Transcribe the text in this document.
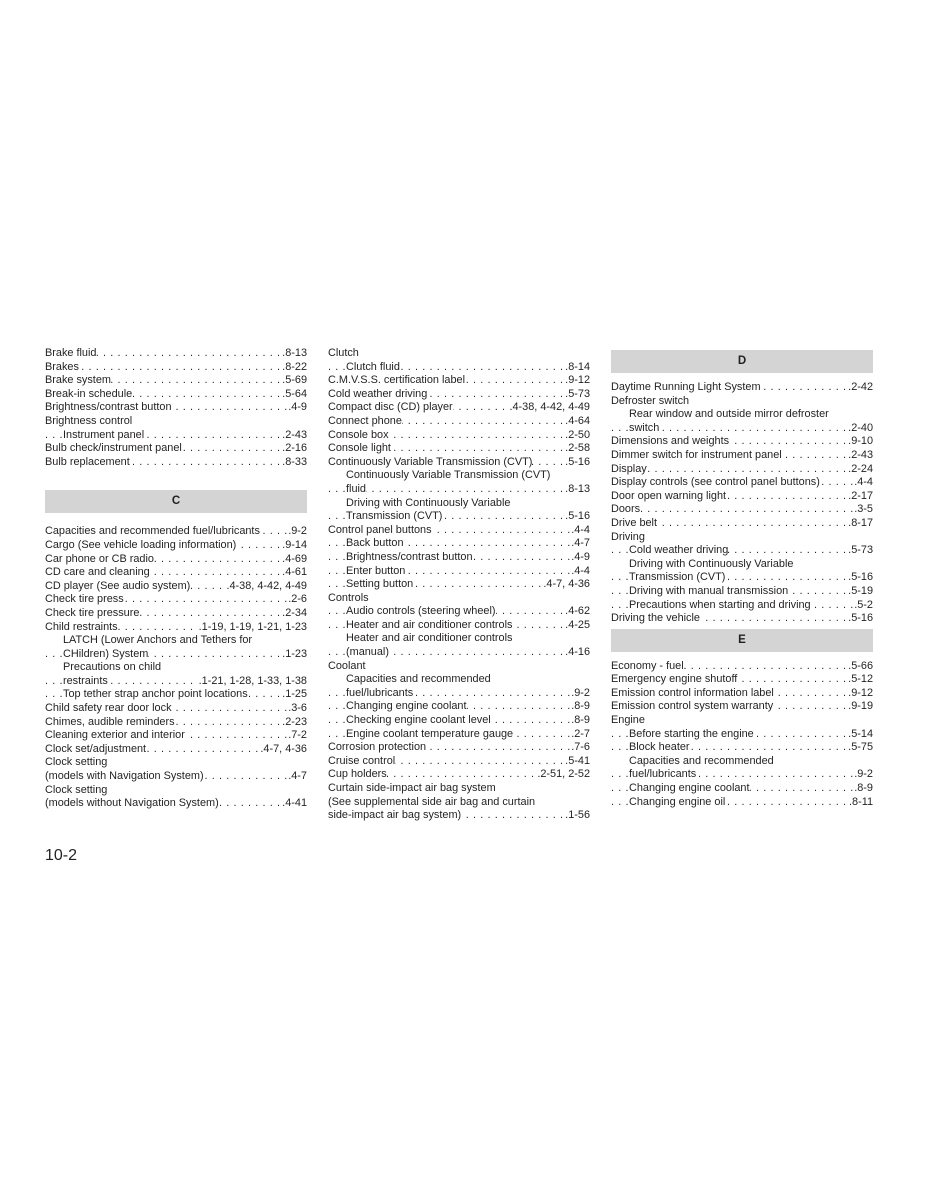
Brake fluid	.8-13
. . .
Brakes	.8-22
. . .
Brake system	.5-69
. . .
Break-in schedule	.5-64
. . .
Brightness/contrast button	.4-9
. . .
Brightness control
Instrument panel	.2-43
. . .
Bulb check/instrument panel	.2-16
. . .
Bulb replacement	.8-33
. . .
C
Capacities and recommended fuel/lubricants	.9-2
. . .
Cargo (See vehicle loading information)	.9-14
. . .
Car phone or CB radio	.4-69
. . .
CD care and cleaning	.4-61
. . .
CD player (See audio system)	.4-38, 4-42, 4-49
. . .
Check tire press	.2-6
. . .
Check tire pressure	.2-34
. . .
Child restraints	.1-19, 1-19, 1-21, 1-23
. . .
LATCH (Lower Anchors and Tethers for
CHildren) System	.1-23
. . .
Precautions on child
restraints	.1-21, 1-28, 1-33, 1-38
. . .
Top tether strap anchor point locations	.1-25
. . .
Child safety rear door lock	.3-6
. . .
Chimes, audible reminders	.2-23
. . .
Cleaning exterior and interior	.7-2
. . .
Clock set/adjustment	.4-7, 4-36
. . .
Clock setting
(models with Navigation System)	.4-7
. . .
Clock setting
(models without Navigation System)	.4-41
. . .
Clutch
Clutch fluid	.8-14
. . .
C.M.V.S.S. certification label	.9-12
. . .
Cold weather driving	.5-73
. . .
Compact disc (CD) player	.4-38, 4-42, 4-49
. . .
Connect phone	.4-64
. . .
Console box	.2-50
. . .
Console light	.2-58
. . .
Continuously Variable Transmission (CVT)	.5-16
. . .
Continuously Variable Transmission (CVT)
fluid	.8-13
. . .
Driving with Continuously Variable
Transmission (CVT)	.5-16
. . .
Control panel buttons	.4-4
. . .
Back button	.4-7
. . .
Brightness/contrast button	.4-9
. . .
Enter button	.4-4
. . .
Setting button	.4-7, 4-36
. . .
Controls
Audio controls (steering wheel)	.4-62
. . .
Heater and air conditioner controls	.4-25
. . .
Heater and air conditioner controls
(manual)	.4-16
. . .
Coolant
Capacities and recommended
fuel/lubricants	.9-2
. . .
Changing engine coolant	.8-9
. . .
Checking engine coolant level	.8-9
. . .
Engine coolant temperature gauge	.2-7
. . .
Corrosion protection	.7-6
. . .
Cruise control	.5-41
. . .
Cup holders	.2-51, 2-52
. . .
Curtain side-impact air bag system
(See supplemental side air bag and curtain
side-impact air bag system)	.1-56
. . .
D
Daytime Running Light System	.2-42
. . .
Defroster switch
Rear window and outside mirror defroster
switch	.2-40
. . .
Dimensions and weights	.9-10
. . .
Dimmer switch for instrument panel	.2-43
. . .
Display	.2-24
. . .
Display controls (see control panel buttons)	.4-4
. . .
Door open warning light	.2-17
. . .
Doors	.3-5
. . .
Drive belt	.8-17
. . .
Driving
Cold weather driving	.5-73
. . .
Driving with Continuously Variable
Transmission (CVT)	.5-16
. . .
Driving with manual transmission	.5-19
. . .
Precautions when starting and driving	.5-2
. . .
Driving the vehicle	.5-16
. . .
E
Economy - fuel	.5-66
. . .
Emergency engine shutoff	.5-12
. . .
Emission control information label	.9-12
. . .
Emission control system warranty	.9-19
. . .
Engine
Before starting the engine	.5-14
. . .
Block heater	.5-75
. . .
Capacities and recommended
fuel/lubricants	.9-2
. . .
Changing engine coolant	.8-9
. . .
Changing engine oil	.8-11
. . .
10-2
